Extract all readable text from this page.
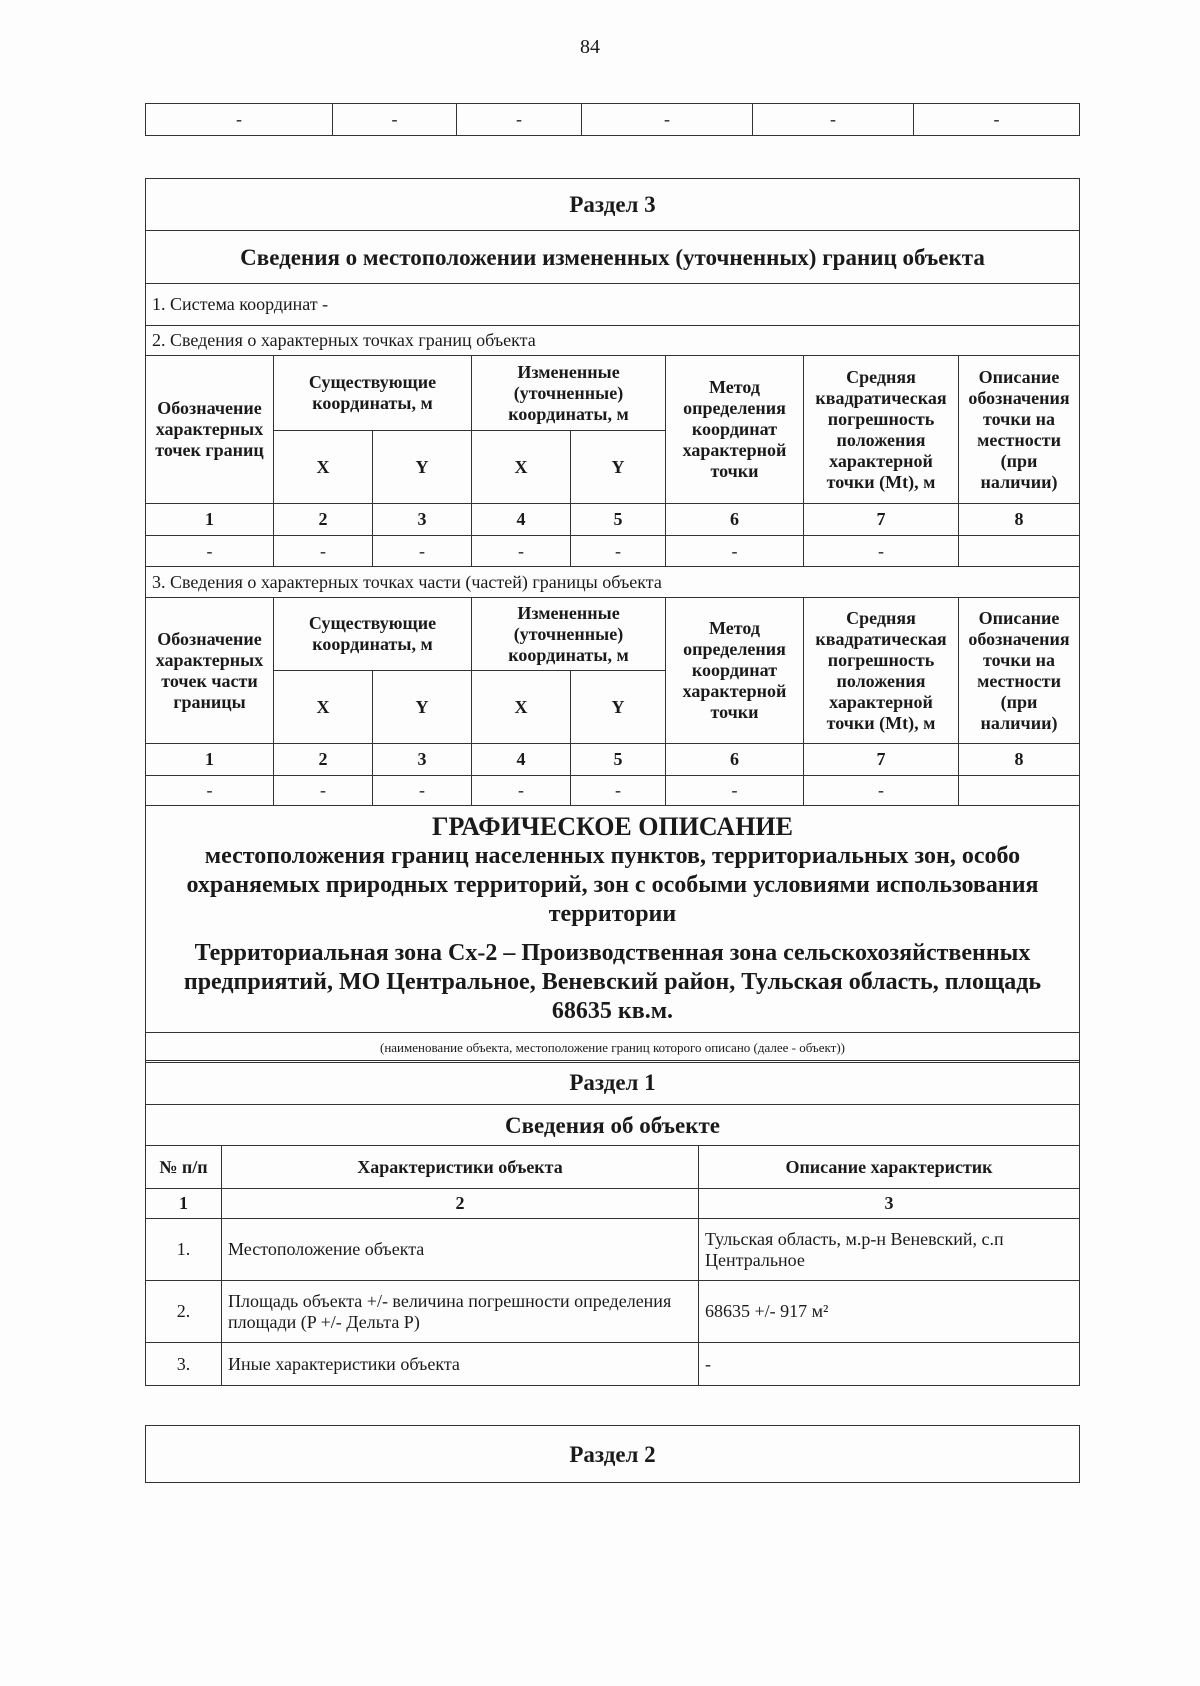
84
-	-	-	-	-	-
Раздел 3							
Сведения о местоположении измененных (уточненных) границ объекта							
1. Система координат -							
2. Сведения о характерных точках границ объекта							
Обозначение характерных точек границ	Существующие координаты, м		Измененные (уточненные) координаты, м		Метод определения координат характерной точки	Средняя квадратическая погрешность положения характерной точки (Mt), м	Описание обозначения точки на местности (при наличии)
	X	Y	X	Y			
1	2	3	4	5	6	7	8
-	-	-	-	-	-	-	
3. Сведения о характерных точках части (частей) границы объекта							
Обозначение характерных точек части границы	Существующие координаты, м		Измененные (уточненные) координаты, м		Метод определения координат характерной точки	Средняя квадратическая погрешность положения характерной точки (Mt), м	Описание обозначения точки на местности (при наличии)
	X	Y	X	Y			
1	2	3	4	5	6	7	8
-	-	-	-	-	-	-	
ГРАФИЧЕСКОЕ ОПИСАНИЕ
местоположения границ населенных пунктов, территориальных зон, особо охраняемых природных территорий, зон с особыми условиями использования территории
Территориальная зона Сх-2 – Производственная зона сельскохозяйственных предприятий, МО Центральное, Веневский район, Тульская область, площадь 68635 кв.м.

(наименование объекта, местоположение границ которого описано (далее - объект))
Раздел 1		
Сведения об объекте		
№ п/п	Характеристики объекта	Описание характеристик
1	2	3
1.	Местоположение объекта	Тульская область, м.р-н Веневский, с.п Центральное
2.	Площадь объекта +/- величина погрешности определения площади (P +/- Дельта P)	68635 +/- 917 м²
3.	Иные характеристики объекта	-
Раздел 2
